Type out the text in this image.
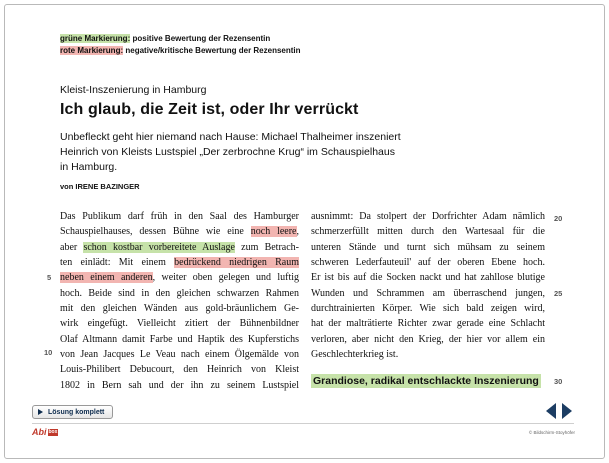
grüne Markierung: positive Bewertung der Rezensentin
rote Markierung: negative/kritische Bewertung der Rezensentin
Kleist-Inszenierung in Hamburg
Ich glaub, die Zeit ist, oder Ihr verrückt
Unbefleckt geht hier niemand nach Hause: Michael Thalheimer inszeniert
Heinrich von Kleists Lustspiel „Der zerbrochne Krug“ im Schauspielhaus
in Hamburg.
von IRENE BAZINGER
Das Publikum darf früh in den Saal des Hamburger
Schauspielhauses, dessen Bühne wie eine noch leere,
aber schon kostbar vorbereitete Auslage zum Betrach-
ten einlädt: Mit einem bedrückend niedrigen Raum
neben einem anderen, weiter oben gelegen und luftig
hoch. Beide sind in den gleichen schwarzen Rahmen
mit den gleichen Wänden aus gold-bräunlichem Ge-
wirk eingefügt. Vielleicht zitiert der Bühnenbildner
Olaf Altmann damit Farbe und Haptik des Kupferstichs
von Jean Jacques Le Veau nach einem Ölgemälde von
Louis-Philibert Debucourt, den Heinrich von Kleist
1802 in Bern sah und der ihn zu seinem Lustspiel
ausnimmt: Da stolpert der Dorfrichter Adam nämlich
schmerzerfüllt mitten durch den Wartesaal für die
unteren Stände und turnt sich mühsam zu seinem
schweren Lederfauteuil' auf der oberen Ebene hoch.
Er ist bis auf die Socken nackt und hat zahllose blutige
Wunden und Schrammen am überraschend jungen,
durchtrainierten Körper. Wie sich bald zeigen wird,
hat der malträtierte Richter zwar gerade eine Schlacht
verloren, aber nicht den Krieg, der hier vor allem ein
Geschlechterkrieg ist.
5
10
20
25
30
Grandiose, radikal entschlackte Inszenierung
Lösung komplett
Abi box	© Bildschirm-Stoyhöfer
